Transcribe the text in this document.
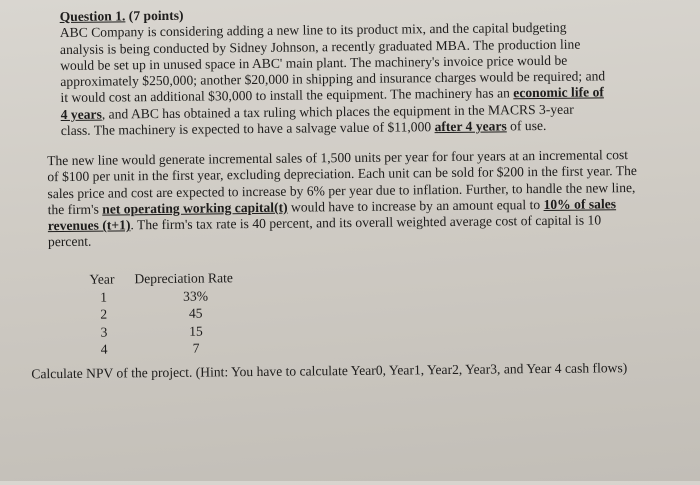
Question 1. (7 points)
ABC Company is considering adding a new line to its product mix, and the capital budgeting analysis is being conducted by Sidney Johnson, a recently graduated MBA. The production line would be set up in unused space in ABC' main plant. The machinery's invoice price would be approximately $250,000; another $20,000 in shipping and insurance charges would be required; and it would cost an additional $30,000 to install the equipment. The machinery has an economic life of 4 years, and ABC has obtained a tax ruling which places the equipment in the MACRS 3-year class. The machinery is expected to have a salvage value of $11,000 after 4 years of use.
The new line would generate incremental sales of 1,500 units per year for four years at an incremental cost of $100 per unit in the first year, excluding depreciation. Each unit can be sold for $200 in the first year. The sales price and cost are expected to increase by 6% per year due to inflation. Further, to handle the new line, the firm's net operating working capital(t) would have to increase by an amount equal to 10% of sales revenues (t+1). The firm's tax rate is 40 percent, and its overall weighted average cost of capital is 10 percent.
Year	Depreciation Rate
1	33%
2	45
3	15
4	7
Calculate NPV of the project. (Hint: You have to calculate Year0, Year1, Year2, Year3, and Year 4 cash flows)
